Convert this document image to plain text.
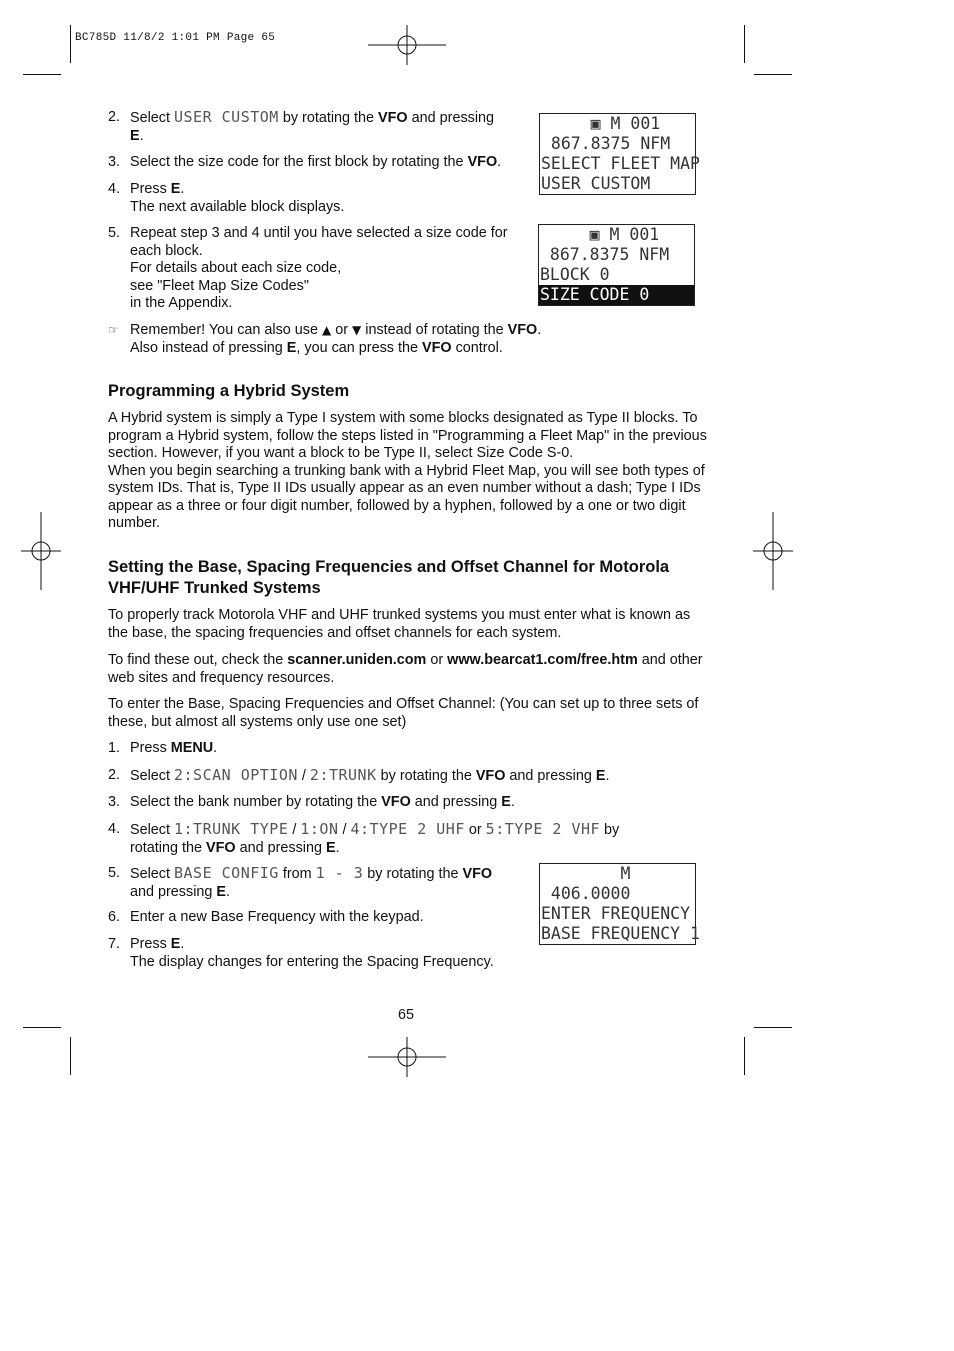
BC785D 11/8/2 1:01 PM Page 65
2. Select USER CUSTOM by rotating the VFO and pressing
E.
3. Select the size code for the first block by rotating the VFO.
4. Press E.
The next available block displays.
5. Repeat step 3 and 4 until you have selected a size code for each block.
For details about each size code,
see "Fleet Map Size Codes"
in the Appendix.
☞ Remember! You can also use ▲ or ▼ instead of rotating the VFO.
Also instead of pressing E, you can press the VFO control.
▣ M 001
867.8375 NFM
SELECT FLEET MAP
USER CUSTOM
▣ M 001
867.8375 NFM
BLOCK 0
SIZE CODE 0
Programming a Hybrid System
A Hybrid system is simply a Type I system with some blocks designated as Type II blocks. To program a Hybrid system, follow the steps listed in "Programming a Fleet Map" in the previous section. However, if you want a block to be Type II, select Size Code S-0.
When you begin searching a trunking bank with a Hybrid Fleet Map, you will see both types of system IDs. That is, Type II IDs usually appear as an even number without a dash; Type I IDs appear as a three or four digit number, followed by a hyphen, followed by a one or two digit number.
Setting the Base, Spacing Frequencies and Offset Channel for Motorola VHF/UHF Trunked Systems
To properly track Motorola VHF and UHF trunked systems you must enter what is known as the base, the spacing frequencies and offset channels for each system.
To find these out, check the scanner.uniden.com or www.bearcat1.com/free.htm and other web sites and frequency resources.
To enter the Base, Spacing Frequencies and Offset Channel: (You can set up to three sets of these, but almost all systems only use one set)
1. Press MENU.
2. Select 2:SCAN OPTION / 2:TRUNK by rotating the VFO and pressing E.
3. Select the bank number by rotating the VFO and pressing E.
4. Select 1:TRUNK TYPE / 1:ON / 4:TYPE 2 UHF or 5:TYPE 2 VHF by
rotating the VFO and pressing E.
5. Select BASE CONFIG from 1 - 3 by rotating the VFO
and pressing E.
6. Enter a new Base Frequency with the keypad.
7. Press E.
The display changes for entering the Spacing Frequency.
M
406.0000
ENTER FREQUENCY
BASE FREQUENCY 1
65
